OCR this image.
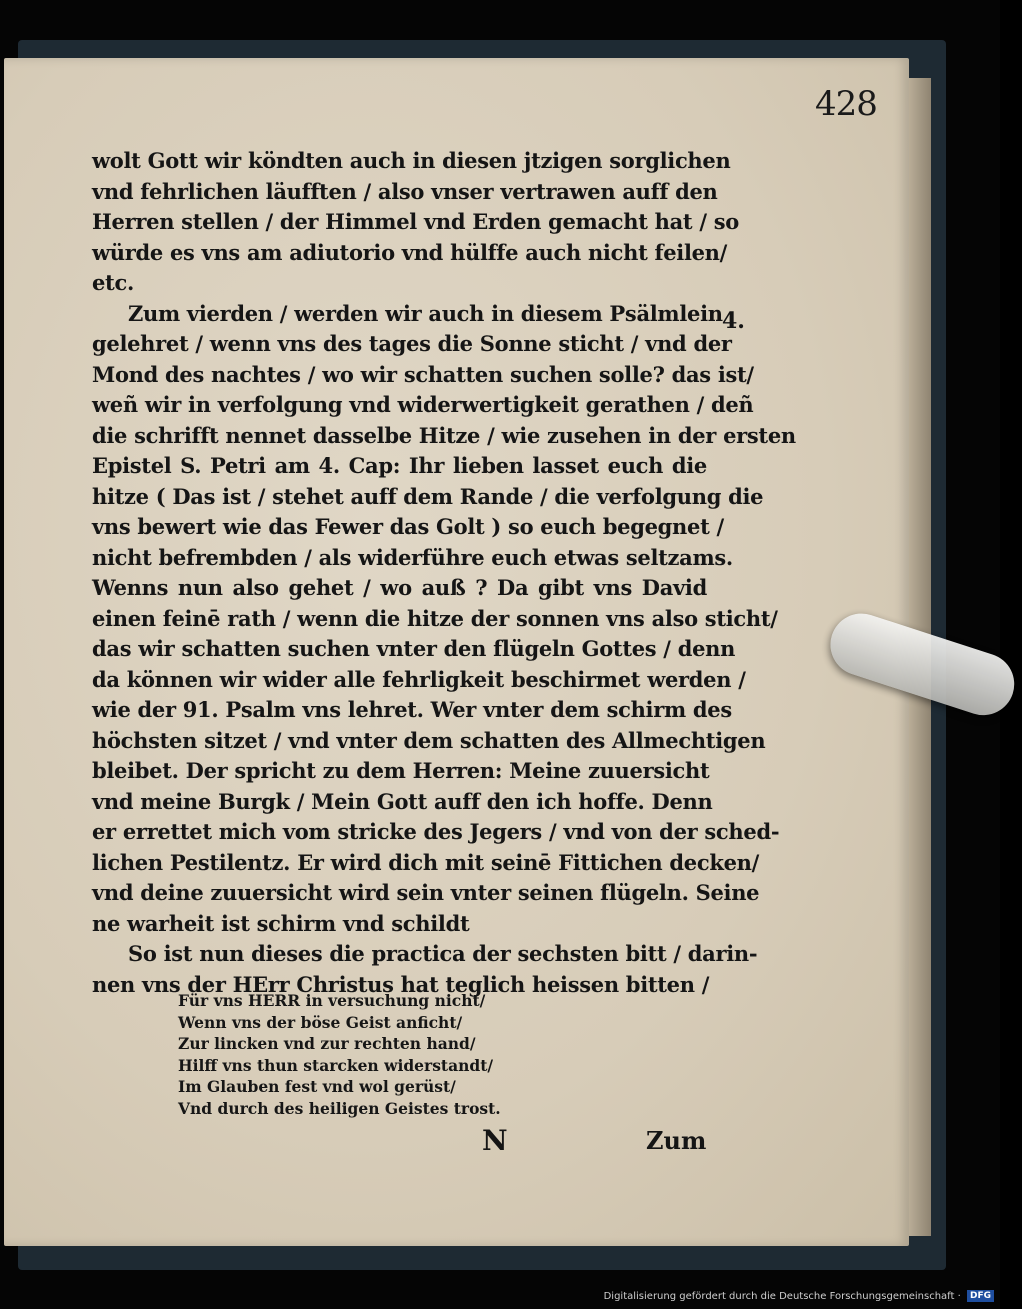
428
wolt Gott wir köndten auch in diesen jtzigen sorglichen
vnd fehrlichen läufften / also vnser vertrawen auff den
Herren stellen / der Himmel vnd Erden gemacht hat / so
würde es vns am adiutorio vnd hülffe auch nicht feilen/
etc.
Zum vierden / werden wir auch in diesem Psälmlein
gelehret / wenn vns des tages die Sonne sticht / vnd der
Mond des nachtes / wo wir schatten suchen solle? das ist/
weñ wir in verfolgung vnd widerwertigkeit gerathen / deñ
die schrifft nennet dasselbe Hitze / wie zusehen in der ersten
Epistel S. Petri am 4. Cap: Ihr lieben lasset euch die
hitze ( Das ist / stehet auff dem Rande / die verfolgung die
vns bewert wie das Fewer das Golt ) so euch begegnet /
nicht befrembden / als widerführe euch etwas seltzams.
Wenns nun also gehet / wo auß ? Da gibt vns David
einen feinē rath / wenn die hitze der sonnen vns also sticht/
das wir schatten suchen vnter den flügeln Gottes / denn
da können wir wider alle fehrligkeit beschirmet werden /
wie der 91. Psalm vns lehret. Wer vnter dem schirm des
höchsten sitzet / vnd vnter dem schatten des Allmechtigen
bleibet. Der spricht zu dem Herren: Meine zuuersicht
vnd meine Burgk / Mein Gott auff den ich hoffe. Denn
er errettet mich vom stricke des Jegers / vnd von der sched-
lichen Pestilentz. Er wird dich mit seinē Fittichen decken/
vnd deine zuuersicht wird sein vnter seinen flügeln. Seine
ne warheit ist schirm vnd schildt
So ist nun dieses die practica der sechsten bitt / darin-
nen vns der HErr Christus hat teglich heissen bitten /
4.
Für vns HERR in versuchung nicht/
Wenn vns der böse Geist anficht/
Zur lincken vnd zur rechten hand/
Hilff vns thun starcken widerstandt/
Im Glauben fest vnd wol gerüst/
Vnd durch des heiligen Geistes trost.
N	Zum
Digitalisierung gefördert durch die Deutsche Forschungsgemeinschaft · DFG
